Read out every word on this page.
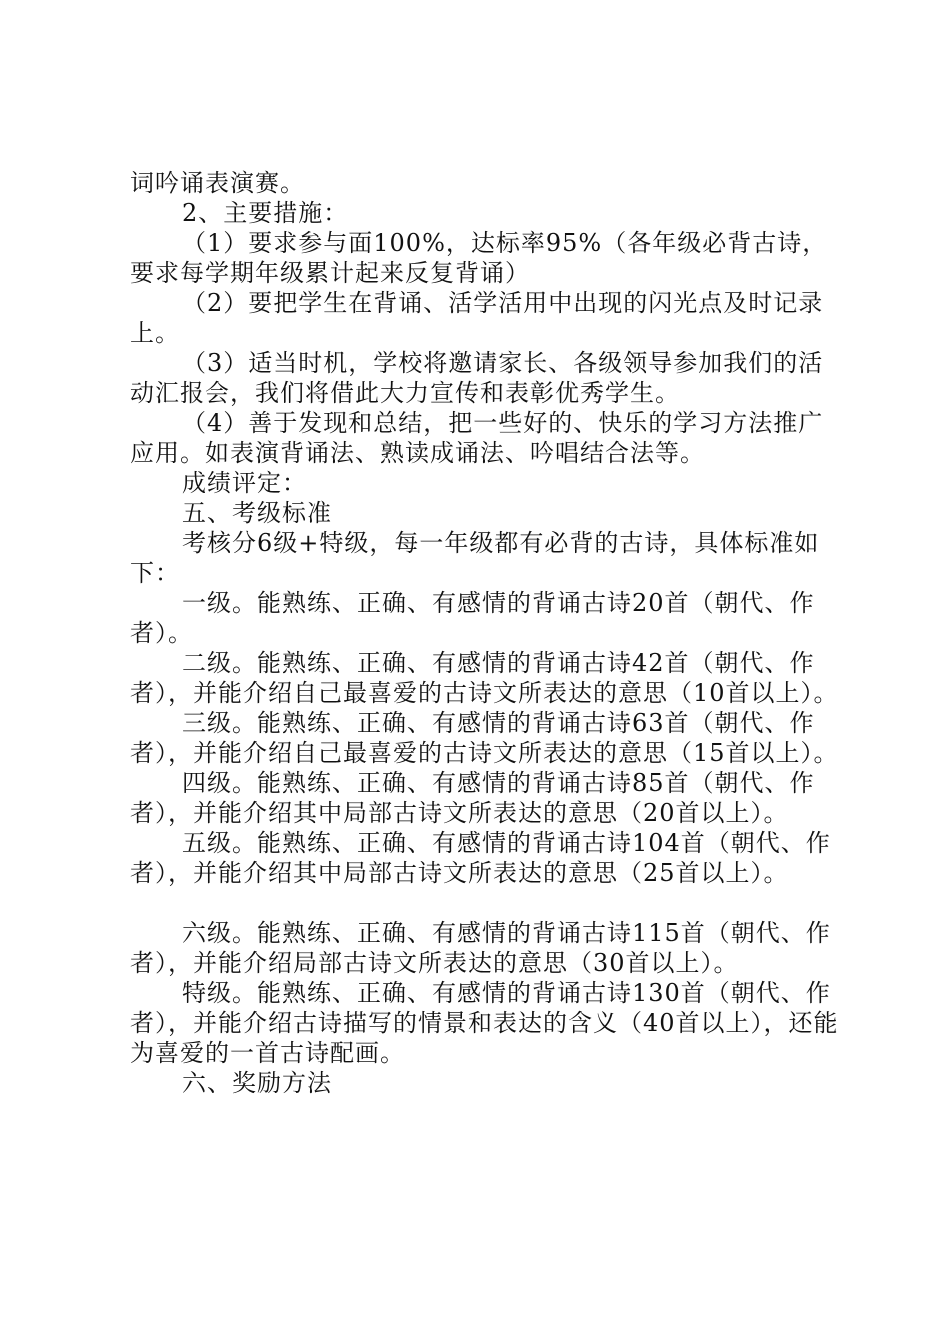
词吟诵表演赛。

2、主要措施：

（1）要求参与面100%，达标率95%（各年级必背古诗，要求每学期年级累计起来反复背诵）

（2）要把学生在背诵、活学活用中出现的闪光点及时记录上。

（3）适当时机，学校将邀请家长、各级领导参加我们的活动汇报会，我们将借此大力宣传和表彰优秀学生。

（4）善于发现和总结，把一些好的、快乐的学习方法推广应用。如表演背诵法、熟读成诵法、吟唱结合法等。

成绩评定：

五、考级标准

考核分6级+特级，每一年级都有必背的古诗，具体标准如下：

一级。能熟练、正确、有感情的背诵古诗20首（朝代、作者）。

二级。能熟练、正确、有感情的背诵古诗42首（朝代、作者），并能介绍自己最喜爱的古诗文所表达的意思（10首以上）。

三级。能熟练、正确、有感情的背诵古诗63首（朝代、作者），并能介绍自己最喜爱的古诗文所表达的意思（15首以上）。

四级。能熟练、正确、有感情的背诵古诗85首（朝代、作者），并能介绍其中局部古诗文所表达的意思（20首以上）。

五级。能熟练、正确、有感情的背诵古诗104首（朝代、作者），并能介绍其中局部古诗文所表达的意思（25首以上）。

六级。能熟练、正确、有感情的背诵古诗115首（朝代、作者），并能介绍局部古诗文所表达的意思（30首以上）。

特级。能熟练、正确、有感情的背诵古诗130首（朝代、作者），并能介绍古诗描写的情景和表达的含义（40首以上），还能为喜爱的一首古诗配画。

六、奖励方法
